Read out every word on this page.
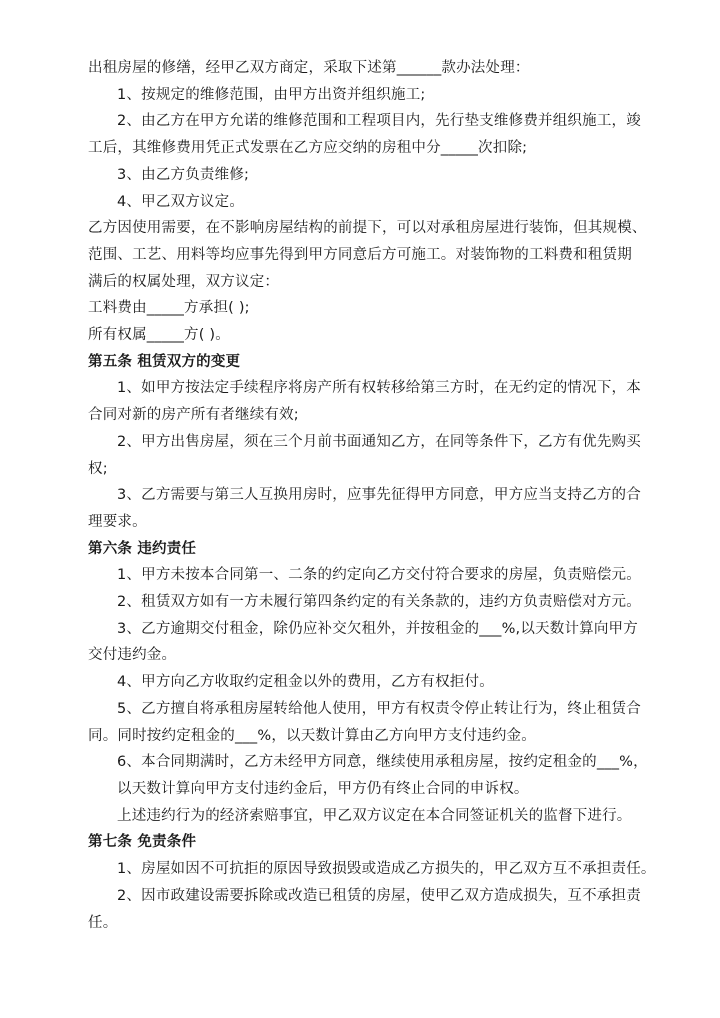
出租房屋的修缮，经甲乙双方商定，采取下述第______款办法处理：
1、按规定的维修范围，由甲方出资并组织施工;
2、由乙方在甲方允诺的维修范围和工程项目内，先行垫支维修费并组织施工，竣
工后，其维修费用凭正式发票在乙方应交纳的房租中分_____次扣除;
3、由乙方负责维修;
4、甲乙双方议定。
乙方因使用需要，在不影响房屋结构的前提下，可以对承租房屋进行装饰，但其规模、
范围、工艺、用料等均应事先得到甲方同意后方可施工。对装饰物的工料费和租赁期
满后的权属处理，双方议定：
工料费由_____方承担( );
所有权属_____方( )。
第五条 租赁双方的变更
1、如甲方按法定手续程序将房产所有权转移给第三方时，在无约定的情况下，本
合同对新的房产所有者继续有效;
2、甲方出售房屋，须在三个月前书面通知乙方，在同等条件下，乙方有优先购买
权;
3、乙方需要与第三人互换用房时，应事先征得甲方同意，甲方应当支持乙方的合
理要求。
第六条 违约责任
1、甲方未按本合同第一、二条的约定向乙方交付符合要求的房屋，负责赔偿元。
2、租赁双方如有一方未履行第四条约定的有关条款的，违约方负责赔偿对方元。
3、乙方逾期交付租金，除仍应补交欠租外，并按租金的___%,以天数计算向甲方
交付违约金。
4、甲方向乙方收取约定租金以外的费用，乙方有权拒付。
5、乙方擅自将承租房屋转给他人使用，甲方有权责令停止转让行为，终止租赁合
同。同时按约定租金的___%，以天数计算由乙方向甲方支付违约金。
6、本合同期满时，乙方未经甲方同意，继续使用承租房屋，按约定租金的___%，
以天数计算向甲方支付违约金后，甲方仍有终止合同的申诉权。
上述违约行为的经济索赔事宜，甲乙双方议定在本合同签证机关的监督下进行。
第七条 免责条件
1、房屋如因不可抗拒的原因导致损毁或造成乙方损失的，甲乙双方互不承担责任。
2、因市政建设需要拆除或改造已租赁的房屋，使甲乙双方造成损失，互不承担责
任。
